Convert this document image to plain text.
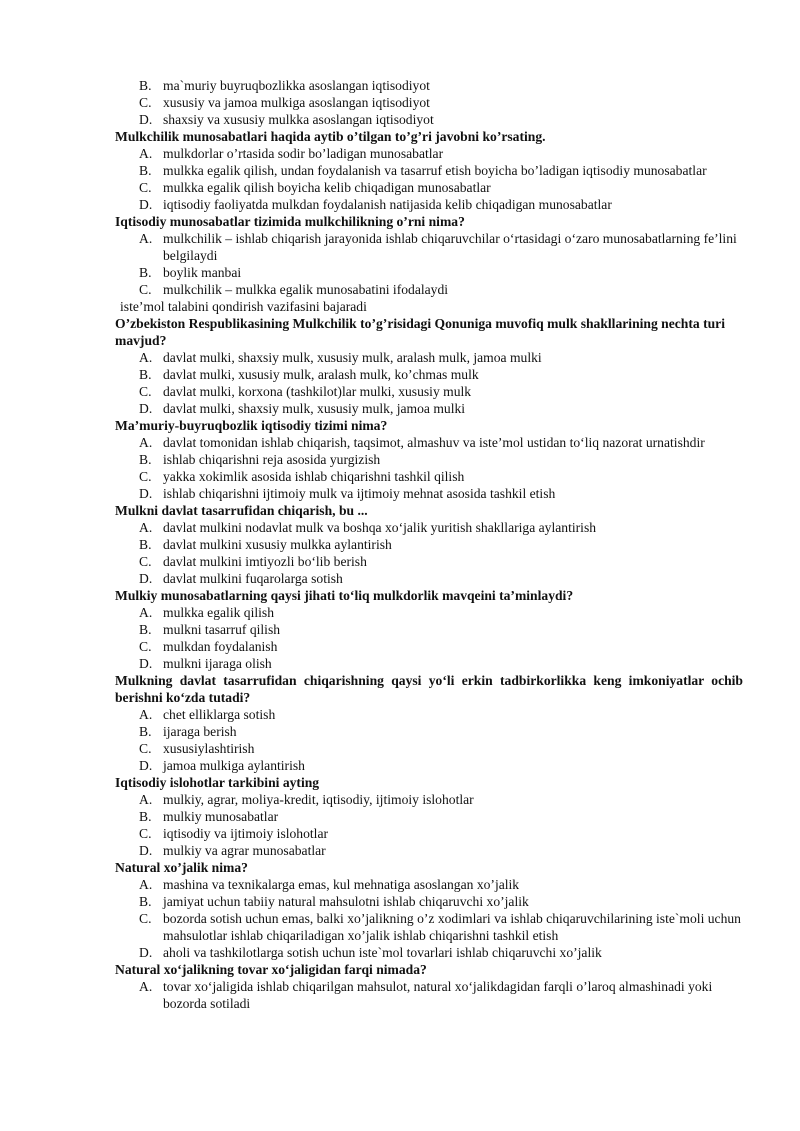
B. ma`muriy buyruqbozlikka asoslangan iqtisodiyot
C. xususiy va jamoa mulkiga asoslangan iqtisodiyot
D. shaxsiy va xususiy mulkka asoslangan iqtisodiyot

Mulkchilik munosabatlari haqida aytib o’tilgan to’g’ri javobni ko’rsating.

A. mulkdorlar o’rtasida sodir bo’ladigan munosabatlar
B. mulkka egalik qilish, undan foydalanish va tasarruf etish boyicha bo’ladigan iqtisodiy munosabatlar
C. mulkka egalik qilish boyicha kelib chiqadigan munosabatlar
D. iqtisodiy faoliyatda mulkdan foydalanish natijasida kelib chiqadigan munosabatlar

Iqtisodiy munosabatlar tizimida mulkchilikning o’rni nima?

A. mulkchilik – ishlab chiqarish jarayonida ishlab chiqaruvchilar o‘rtasidagi o‘zaro munosabatlarning fe’lini belgilaydi
B. boylik manbai
C. mulkchilik – mulkka egalik munosabatini ifodalaydi

iste’mol talabini qondirish vazifasini bajaradi

O’zbekiston Respublikasining Mulkchilik to’g’risidagi Qonuniga muvofiq mulk shakllarining nechta turi mavjud?

A. davlat mulki, shaxsiy mulk, xususiy mulk, aralash mulk, jamoa mulki
B. davlat mulki, xususiy mulk, aralash mulk, ko’chmas mulk
C. davlat mulki, korxona (tashkilot)lar mulki, xususiy mulk
D. davlat mulki, shaxsiy mulk, xususiy mulk, jamoa mulki

Ma’muriy-buyruqbozlik iqtisodiy tizimi nima?

A. davlat tomonidan ishlab chiqarish, taqsimot, almashuv va iste’mol ustidan to‘liq nazorat urnatishdir
B. ishlab chiqarishni reja asosida yurgizish
C. yakka xokimlik asosida ishlab chiqarishni tashkil qilish
D. ishlab chiqarishni ijtimoiy mulk va ijtimoiy mehnat asosida tashkil etish

Mulkni davlat tasarrufidan chiqarish, bu ...

A. davlat mulkini nodavlat mulk va boshqa xo‘jalik yuritish shakllariga aylantirish
B. davlat mulkini xususiy mulkka aylantirish
C. davlat mulkini imtiyozli bo‘lib berish
D. davlat mulkini fuqarolarga sotish

Mulkiy munosabatlarning qaysi jihati to‘liq mulkdorlik mavqeini ta’minlaydi?

A. mulkka egalik qilish
B. mulkni tasarruf qilish
C. mulkdan foydalanish
D. mulkni ijaraga olish

Mulkning davlat tasarrufidan chiqarishning qaysi yo‘li erkin tadbirkorlikka keng imkoniyatlar ochib berishni ko‘zda tutadi?

A. chet elliklarga sotish
B. ijaraga berish
C. xususiylashtirish
D. jamoa mulkiga aylantirish

Iqtisodiy islohotlar tarkibini ayting

A. mulkiy, agrar, moliya-kredit, iqtisodiy, ijtimoiy islohotlar
B. mulkiy munosabatlar
C. iqtisodiy va ijtimoiy islohotlar
D. mulkiy va agrar munosabatlar

Natural xo’jalik nima?

A. mashina va texnikalarga emas, kul mehnatiga asoslangan xo’jalik
B. jamiyat uchun tabiiy natural mahsulotni ishlab chiqaruvchi xo’jalik
C. bozorda sotish uchun emas, balki xo’jalikning o’z xodimlari va ishlab chiqaruvchilarining iste`moli uchun mahsulotlar ishlab chiqariladigan xo’jalik ishlab chiqarishni tashkil etish
D. aholi va tashkilotlarga sotish uchun iste`mol tovarlari ishlab chiqaruvchi xo’jalik

Natural xo‘jalikning tovar xo‘jaligidan farqi nimada?

A. tovar xo‘jaligida ishlab chiqarilgan mahsulot, natural xo‘jalikdagidan farqli o’laroq almashinadi yoki bozorda sotiladi
